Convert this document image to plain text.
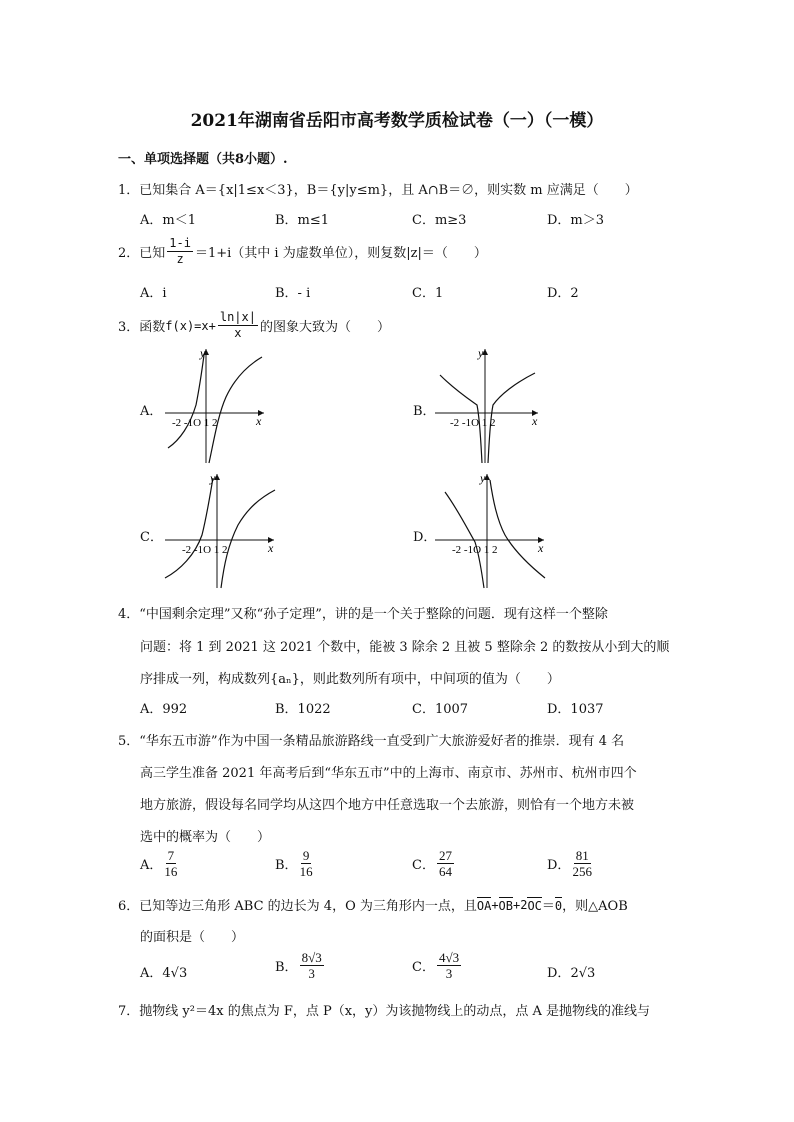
2021年湖南省岳阳市高考数学质检试卷（一）（一模）
一、单项选择题（共8小题）.
1．已知集合 A＝{x|1≤x＜3}，B＝{y|y≤m}，且 A∩B＝∅，则实数 m 应满足（　　）
A．m＜1	B．m≤1	C．m≥3	D．m＞3
2．已知 $\frac{1-i}{z} =1+i$（其中 i 为虚数单位），则复数|z|＝（　　）
A．i	B．- i	C．1	D．2
3．函数 $f(x)=x+ \frac{\ln|x|}{x}$ 的图象大致为（　　）
A．	B．
C．	D．
y
x
-2 -1O 1 2
y
x
-2 -1O 1 2
y
x
-2 -1O 1 2
y
x
-2 -1O 1 2
4．“中国剩余定理”又称“孙子定理”，讲的是一个关于整除的问题．现有这样一个整除
问题：将 1 到 2021 这 2021 个数中，能被 3 除余 2 且被 5 整除余 2 的数按从小到大的顺
序排成一列，构成数列{aₙ}，则此数列所有项中，中间项的值为（　　）
A．992	B．1022	C．1007	D．1037
5．“华东五市游”作为中国一条精品旅游路线一直受到广大旅游爱好者的推崇．现有 4 名
高三学生准备 2021 年高考后到“华东五市”中的上海市、南京市、苏州市、杭州市四个
地方旅游，假设每名同学均从这四个地方中任意选取一个去旅游，则恰有一个地方未被
选中的概率为（　　）
A． $\frac{7}{16}$	B． $\frac{9}{16}$	C． $\frac{27}{64}$	D． $\frac{81}{256}$
6．已知等边三角形 ABC 的边长为 4，O 为三角形内一点，且 OA + OB +2 OC ＝ 0 ，则△AOB
的面积是（　　）
A．4√3	B． $\frac{8√3}{3}$	C． $\frac{4√3}{3}$	D．2√3
7．抛物线 y²＝4x 的焦点为 F，点 P（x，y）为该抛物线上的动点，点 A 是抛物线的准线与
